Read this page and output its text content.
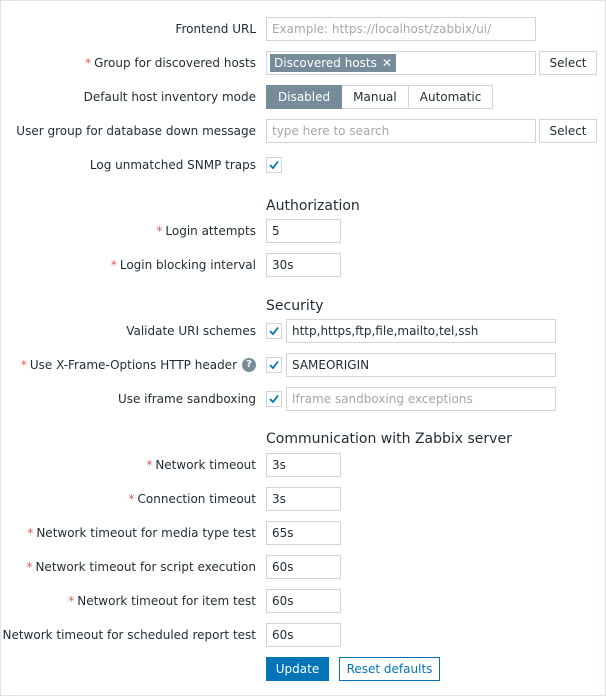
Frontend URL	Example: https://localhost/zabbix/ui/
* Group for discovered hosts	Discovered hosts ✕	Select
Default host inventory mode	Disabled	Manual	Automatic
User group for database down message	type here to search	Select
Log unmatched SNMP traps
Authorization
* Login attempts	5
* Login blocking interval	30s
Security
Validate URI schemes	http,https,ftp,file,mailto,tel,ssh
* Use X-Frame-Options HTTP header ?	SAMEORIGIN
Use iframe sandboxing	Iframe sandboxing exceptions
Communication with Zabbix server
* Network timeout	3s
* Connection timeout	3s
* Network timeout for media type test	65s
* Network timeout for script execution	60s
* Network timeout for item test	60s
Network timeout for scheduled report test	60s
Update	Reset defaults
